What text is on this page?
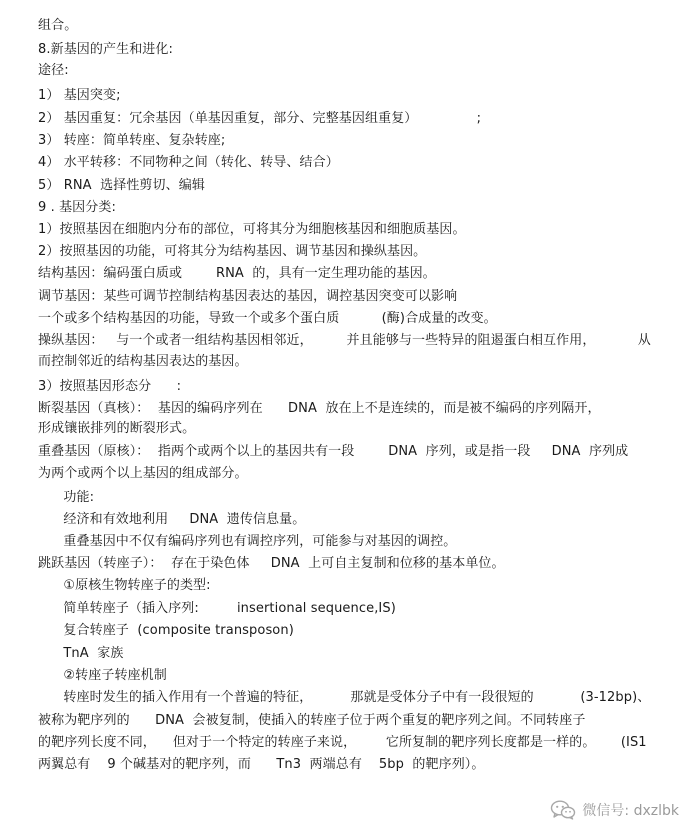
组合。
8.新基因的产生和进化:
途径:
1） 基因突变;
2） 基因重复：冗余基因（单基因重复，部分、完整基因组重复）              ;
3） 转座：简单转座、复杂转座;
4） 水平转移：不同物种之间（转化、转导、结合）
5） RNA  选择性剪切、编辑
9 . 基因分类:
1）按照基因在细胞内分布的部位，可将其分为细胞核基因和细胞质基因。
2）按照基因的功能，可将其分为结构基因、调节基因和操纵基因。
结构基因：编码蛋白质或        RNA  的，具有一定生理功能的基因。
调节基因：某些可调节控制结构基因表达的基因，调控基因突变可以影响
一个或多个结构基因的功能，导致一个或多个蛋白质          (酶)合成量的改变。
操纵基因：   与一个或者一组结构基因相邻近，        并且能够与一些特异的阻遏蛋白相互作用，          从
而控制邻近的结构基因表达的基因。
3）按照基因形态分      :
断裂基因（真核）：  基因的编码序列在      DNA  放在上不是连续的，而是被不编码的序列隔开，
形成镶嵌排列的断裂形式。
重叠基因（原核）：  指两个或两个以上的基因共有一段        DNA  序列，或是指一段     DNA  序列成
为两个或两个以上基因的组成部分。
功能:
经济和有效地利用     DNA  遗传信息量。
重叠基因中不仅有编码序列也有调控序列，可能参与对基因的调控。
跳跃基因（转座子）：  存在于染色体     DNA  上可自主复制和位移的基本单位。
①原核生物转座子的类型:
简单转座子（插入序列:         insertional sequence,IS)
复合转座子  (composite transposon)
TnA  家族
②转座子转座机制
转座时发生的插入作用有一个普遍的特征，         那就是受体分子中有一段很短的           (3-12bp)、
被称为靶序列的      DNA  会被复制，使插入的转座子位于两个重复的靶序列之间。不同转座子
的靶序列长度不同，    但对于一个特定的转座子来说，       它所复制的靶序列长度都是一样的。      (IS1
两翼总有    9 个碱基对的靶序列，而      Tn3  两端总有    5bp  的靶序列）。
微信号: dxzlbk
